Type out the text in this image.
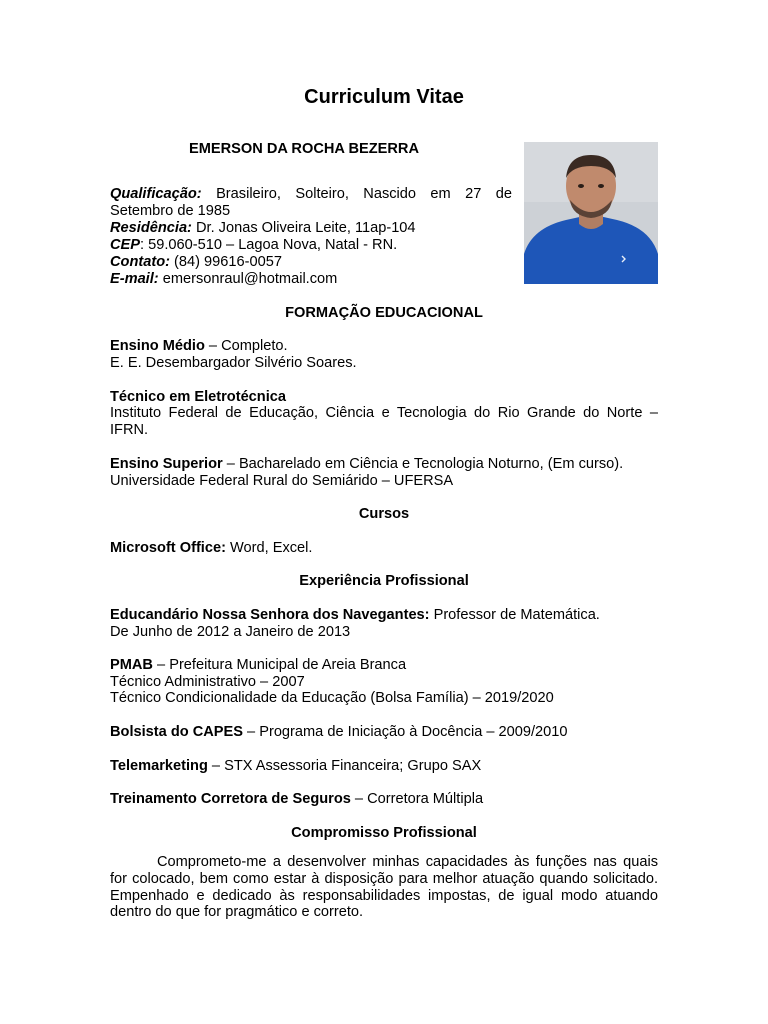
Curriculum Vitae
EMERSON DA ROCHA BEZERRA
Qualificação: Brasileiro, Solteiro, Nascido em 27 de Setembro de 1985
Residência: Dr. Jonas Oliveira Leite, 11ap-104
CEP: 59.060-510 – Lagoa Nova, Natal - RN.
Contato: (84) 99616-0057
E-mail: emersonraul@hotmail.com
FORMAÇÃO EDUCACIONAL
Ensino Médio – Completo.
E. E. Desembargador Silvério Soares.
Técnico em Eletrotécnica
Instituto Federal de Educação, Ciência e Tecnologia do Rio Grande do Norte – IFRN.
Ensino Superior – Bacharelado em Ciência e Tecnologia Noturno, (Em curso).
Universidade Federal Rural do Semiárido – UFERSA
Cursos
Microsoft Office: Word, Excel.
Experiência Profissional
Educandário Nossa Senhora dos Navegantes: Professor de Matemática.
De Junho de 2012 a Janeiro de 2013
PMAB – Prefeitura Municipal de Areia Branca
Técnico Administrativo – 2007
Técnico Condicionalidade da Educação (Bolsa Família) – 2019/2020
Bolsista do CAPES – Programa de Iniciação à Docência – 2009/2010
Telemarketing – STX Assessoria Financeira; Grupo SAX
Treinamento Corretora de Seguros – Corretora Múltipla
Compromisso Profissional
Comprometo-me a desenvolver minhas capacidades às funções nas quais for colocado, bem como estar à disposição para melhor atuação quando solicitado. Empenhado e dedicado às responsabilidades impostas, de igual modo atuando dentro do que for pragmático e correto.
